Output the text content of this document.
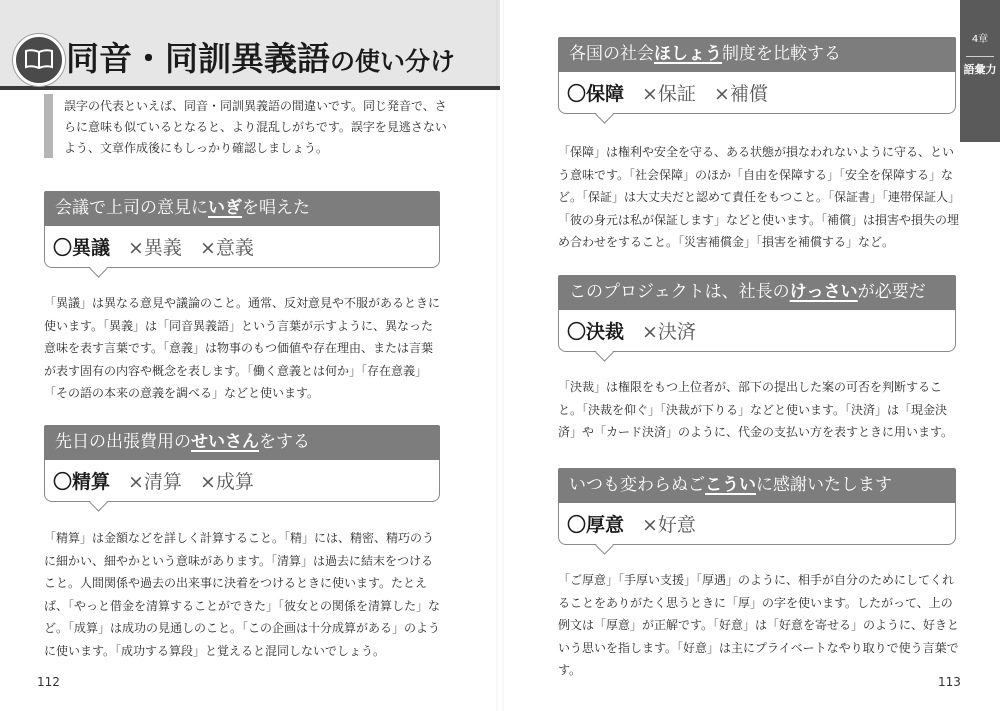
同音・同訓異義語の使い分け
誤字の代表といえば、同音・同訓異義語の間違いです。同じ発音で、さらに意味も似ているとなると、より混乱しがちです。誤字を見逃さないよう、文章作成後にもしっかり確認しましょう。
会議で上司の意見にいぎを唱えた
〇異議 ×異義 ×意義
「異議」は異なる意見や議論のこと。通常、反対意見や不服があるときに使います。「異義」は「同音異義語」という言葉が示すように、異なった意味を表す言葉です。「意義」は物事のもつ価値や存在理由、または言葉が表す固有の内容や概念を表します。「働く意義とは何か」「存在意義」「その語の本来の意義を調べる」などと使います。
先日の出張費用のせいさんをする
〇精算 ×清算 ×成算
「精算」は金額などを詳しく計算すること。「精」には、精密、精巧のうに細かい、細やかという意味があります。「清算」は過去に結末をつけること。人間関係や過去の出来事に決着をつけるときに使います。たとえば、「やっと借金を清算することができた」「彼女との関係を清算した」など。「成算」は成功の見通しのこと。「この企画は十分成算がある」のように使います。「成功する算段」と覚えると混同しないでしょう。
112
4章
語彙力
各国の社会ほしょう制度を比較する
〇保障 ×保証 ×補償
「保障」は権利や安全を守る、ある状態が損なわれないように守る、という意味です。「社会保障」のほか「自由を保障する」「安全を保障する」など。「保証」は大丈夫だと認めて責任をもつこと。「保証書」「連帯保証人」「彼の身元は私が保証します」などと使います。「補償」は損害や損失の埋め合わせをすること。「災害補償金」「損害を補償する」など。
このプロジェクトは、社長のけっさいが必要だ
〇決裁 ×決済
「決裁」は権限をもつ上位者が、部下の提出した案の可否を判断すること。「決裁を仰ぐ」「決裁が下りる」などと使います。「決済」は「現金決済」や「カード決済」のように、代金の支払い方を表すときに用います。
いつも変わらぬごこういに感謝いたします
〇厚意 ×好意
「ご厚意」「手厚い支援」「厚遇」のように、相手が自分のためにしてくれることをありがたく思うときに「厚」の字を使います。したがって、上の例文は「厚意」が正解です。「好意」は「好意を寄せる」のように、好きという思いを指します。「好意」は主にプライベートなやり取りで使う言葉です。
113
